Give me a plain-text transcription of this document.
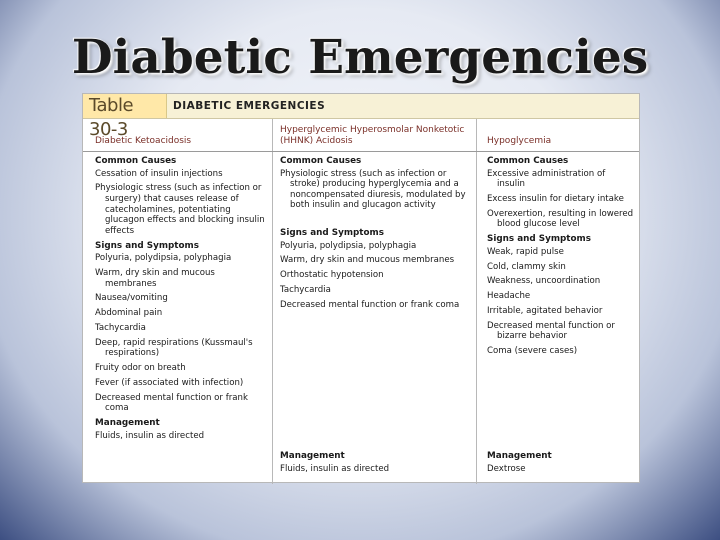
Diabetic Emergencies
Table 30-3
DIABETIC EMERGENCIES
Diabetic Ketoacidosis
Hyperglycemic Hyperosmolar Nonketotic (HHNK) Acidosis	Hypoglycemia
Common Causes
Cessation of insulin injections
Physiologic stress (such as infection or surgery) that causes release of catecholamines, potentiating glucagon effects and blocking insulin effects
Signs and Symptoms
Polyuria, polydipsia, polyphagia
Warm, dry skin and mucous membranes
Nausea/vomiting
Abdominal pain
Tachycardia
Deep, rapid respirations (Kussmaul's respirations)
Fruity odor on breath
Fever (if associated with infection)
Decreased mental function or frank coma
Management
Fluids, insulin as directed
Common Causes
Physiologic stress (such as infection or stroke) producing hyperglycemia and a noncompensated diuresis, modulated by both insulin and glucagon activity
Signs and Symptoms
Polyuria, polydipsia, polyphagia
Warm, dry skin and mucous membranes
Orthostatic hypotension
Tachycardia
Decreased mental function or frank coma
Management
Fluids, insulin as directed
Common Causes
Excessive administration of insulin
Excess insulin for dietary intake
Overexertion, resulting in lowered blood glucose level
Signs and Symptoms
Weak, rapid pulse
Cold, clammy skin
Weakness, uncoordination
Headache
Irritable, agitated behavior
Decreased mental function or bizarre behavior
Coma (severe cases)
Management
Dextrose
